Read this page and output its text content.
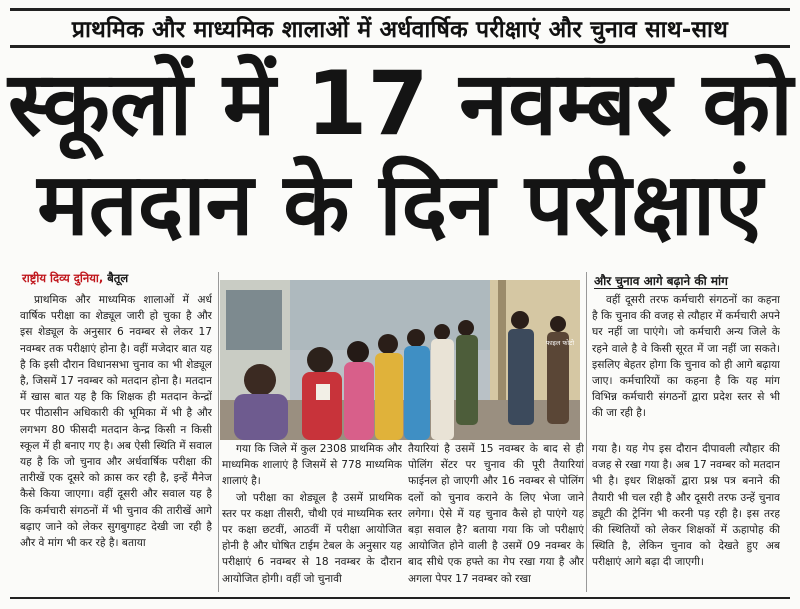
प्राथमिक और माध्यमिक शालाओं में अर्धवार्षिक परीक्षाएं और चुनाव साथ-साथ
स्कूलों में 17 नवम्बर को
मतदान के दिन परीक्षाएं
राष्ट्रीय दिव्य दुनिया, बैतूल	और चुनाव आगे बढ़ाने की मांग

प्राथमिक और माध्यमिक शालाओं में अर्ध वार्षिक परीक्षा का शेड्यूल जारी हो चुका है और इस शेड्यूल के अनुसार 6 नवम्बर से लेकर 17 नवम्बर तक परीक्षाएं होना है। वहीं मजेदार बात यह है कि इसी दौरान विधानसभा चुनाव का भी शेड्यूल है, जिसमें 17 नवम्बर को मतदान होना है। मतदान में खास बात यह है कि शिक्षक ही मतदान केन्द्रों पर पीठासीन अधिकारी की भूमिका में भी है और लगभग 80 फीसदी मतदान केन्द्र किसी न किसी स्कूल में ही बनाए गए है। अब ऐसी स्थिति में सवाल यह है कि जो चुनाव और अर्धवार्षिक परीक्षा की तारीखें एक दूसरे को क्रास कर रही है, इन्हें मैनेज कैसे किया जाएगा। वहीं दूसरी और सवाल यह है कि कर्मचारी संगठनों में भी चुनाव की तारीखें आगे बढ़ाए जाने को लेकर सुगबुगाहट देखी जा रही है और वे मांग भी कर रहे है। बताया

फाइल फोटो

गया कि जिले में कुल 2308 प्राथमिक और माध्यमिक शालाएं है जिसमें से 778 माध्यमिक शालाएं है।

जो परीक्षा का शेड्यूल है उसमें प्राथमिक स्तर पर कक्षा तीसरी, चौथी एवं माध्यमिक स्तर पर कक्षा छटवीं, आठवीं में परीक्षा आयोजित होनी है और घोषित टाईम टेबल के अनुसार यह परीक्षाएं 6 नवम्बर से 18 नवम्बर के दौरान आयोजित होगी। वहीं जो चुनावी

तैयारियां है उसमें 15 नवम्बर के बाद से ही पोलिंग सेंटर पर चुनाव की पूरी तैयारियां फाईनल हो जाएगी और 16 नवम्बर से पोलिंग दलों को चुनाव कराने के लिए भेजा जाने लगेगा। ऐसे में यह चुनाव कैसे हो पाएंगे यह बड़ा सवाल है? बताया गया कि जो परीक्षाएं आयोजित होने वाली है उसमें 09 नवम्बर के बाद सीधे एक हफ्ते का गेप रखा गया है और अगला पेपर 17 नवम्बर को रखा

वहीं दूसरी तरफ कर्मचारी संगठनों का कहना है कि चुनाव की वजह से त्यौहार में कर्मचारी अपने घर नहीं जा पाएंगे। जो कर्मचारी अन्य जिले के रहने वाले है वे किसी सूरत में जा नहीं जा सकते। इसलिए बेहतर होगा कि चुनाव को ही आगे बढ़ाया जाए। कर्मचारियों का कहना है कि यह मांग विभिन्न कर्मचारी संगठनों द्वारा प्रदेश स्तर से भी की जा रही है।

गया है। यह गेप इस दौरान दीपावली त्यौहार की वजह से रखा गया है। अब 17 नवम्बर को मतदान भी है। इधर शिक्षकों द्वारा प्रश्न पत्र बनाने की तैयारी भी चल रही है और दूसरी तरफ उन्हें चुनाव ड्यूटी की ट्रेनिंग भी करनी पड़ रही है। इस तरह की स्थितियों को लेकर शिक्षकों में ऊहापोह की स्थिति है, लेकिन चुनाव को देखते हुए अब परीक्षाएं आगे बढ़ा दी जाएगी।
